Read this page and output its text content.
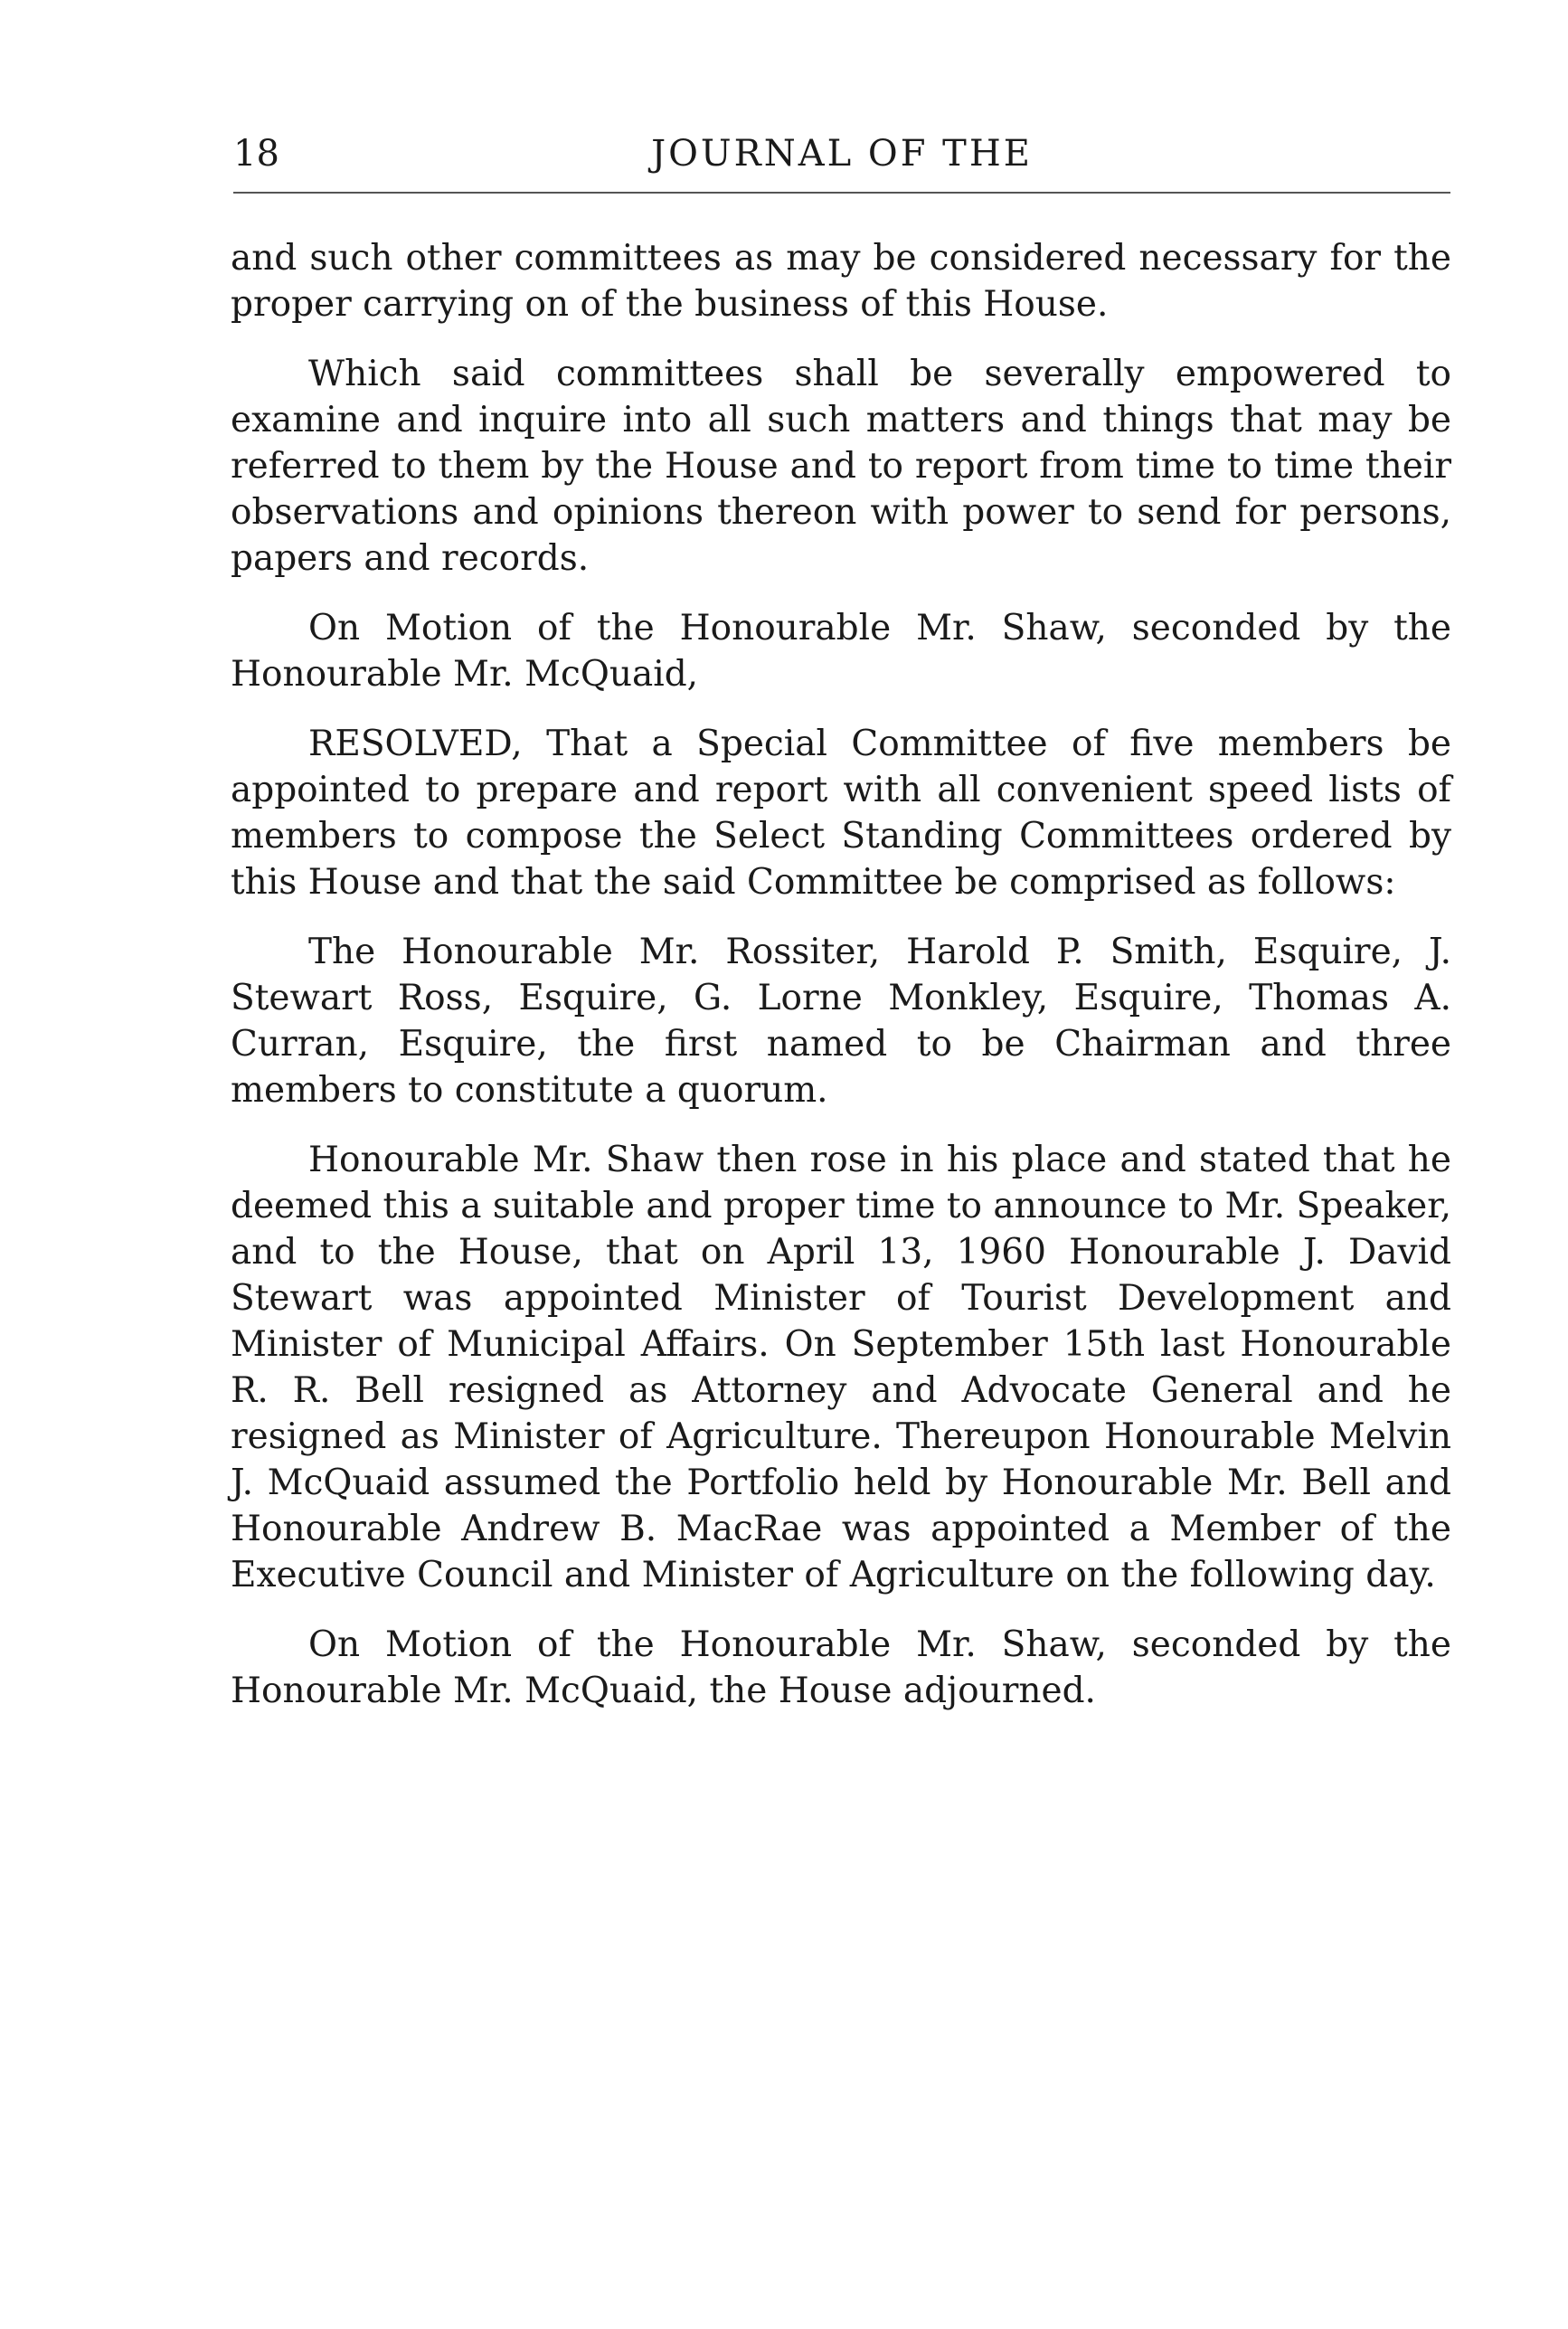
18	JOURNAL OF THE

and such other committees as may be considered necessary for the proper carrying on of the business of this House.

Which said committees shall be severally empowered to examine and inquire into all such matters and things that may be referred to them by the House and to report from time to time their observations and opinions thereon with power to send for persons, papers and records.

On Motion of the Honourable Mr. Shaw, seconded by the Honourable Mr. McQuaid,

RESOLVED, That a Special Committee of five members be appointed to prepare and report with all convenient speed lists of members to compose the Select Standing Committees ordered by this House and that the said Committee be comprised as follows:

The Honourable Mr. Rossiter, Harold P. Smith, Esquire, J. Stewart Ross, Esquire, G. Lorne Monkley, Esquire, Thomas A. Curran, Esquire, the first named to be Chairman and three members to constitute a quorum.

Honourable Mr. Shaw then rose in his place and stated that he deemed this a suitable and proper time to announce to Mr. Speaker, and to the House, that on April 13, 1960 Honourable J. David Stewart was appointed Minister of Tourist Development and Minister of Municipal Affairs. On September 15th last Honourable R. R. Bell resigned as Attorney and Advocate General and he resigned as Minister of Agriculture. Thereupon Honourable Melvin J. McQuaid assumed the Portfolio held by Honourable Mr. Bell and Honourable Andrew B. MacRae was appointed a Member of the Executive Council and Minister of Agriculture on the following day.

On Motion of the Honourable Mr. Shaw, seconded by the Honourable Mr. McQuaid, the House adjourned.
